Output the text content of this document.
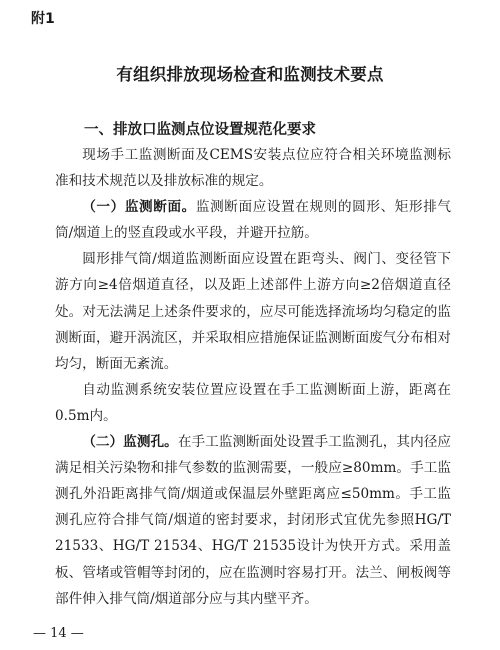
附1
有组织排放现场检查和监测技术要点
一、排放口监测点位设置规范化要求

现场手工监测断面及CEMS安装点位应符合相关环境监测标准和技术规范以及排放标准的规定。

（一）监测断面。监测断面应设置在规则的圆形、矩形排气筒/烟道上的竖直段或水平段，并避开拉筋。

圆形排气筒/烟道监测断面应设置在距弯头、阀门、变径管下游方向≥4倍烟道直径，以及距上述部件上游方向≥2倍烟道直径处。对无法满足上述条件要求的，应尽可能选择流场均匀稳定的监测断面，避开涡流区，并采取相应措施保证监测断面废气分布相对均匀，断面无紊流。

自动监测系统安装位置应设置在手工监测断面上游，距离在0.5m内。

（二）监测孔。在手工监测断面处设置手工监测孔，其内径应满足相关污染物和排气参数的监测需要，一般应≥80mm。手工监测孔外沿距离排气筒/烟道或保温层外壁距离应≤50mm。手工监测孔应符合排气筒/烟道的密封要求，封闭形式宜优先参照HG/T 21533、HG/T 21534、HG/T 21535设计为快开方式。采用盖板、管堵或管帽等封闭的，应在监测时容易打开。法兰、闸板阀等部件伸入排气筒/烟道部分应与其内壁平齐。

— 14 —
